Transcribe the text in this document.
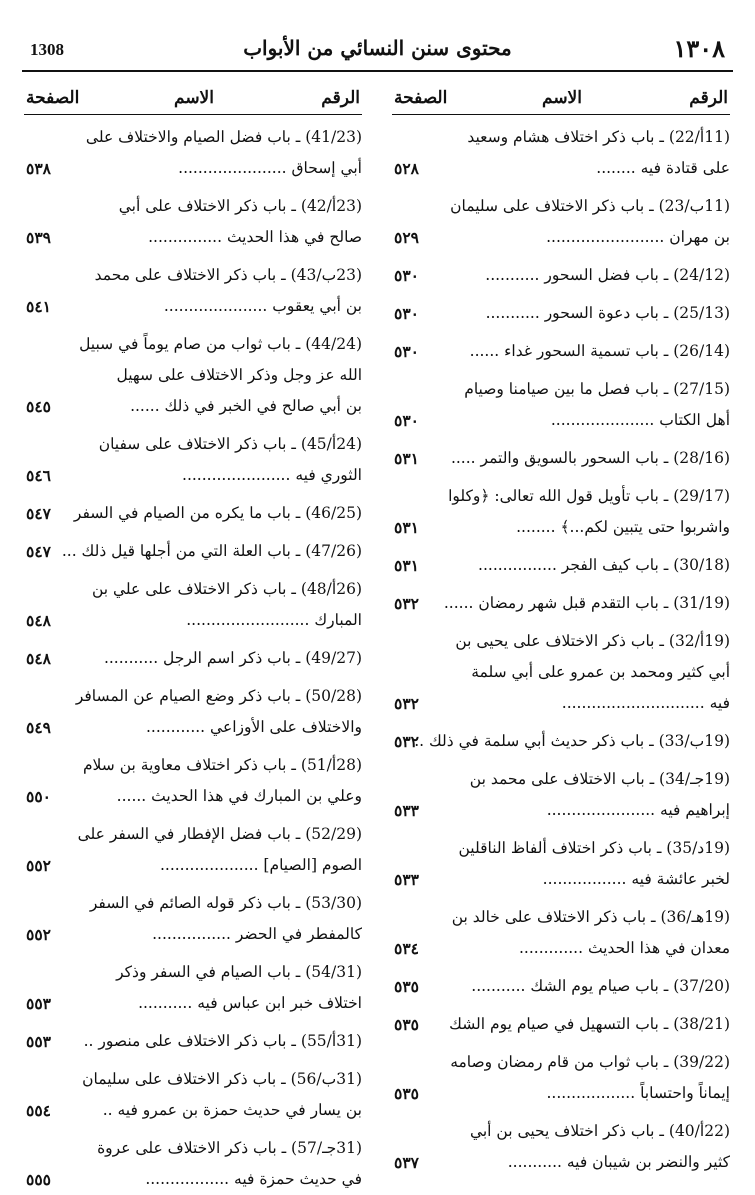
١٣٠٨
محتوى سنن النسائي من الأبواب
1308
الرقم
الاسم
الصفحة
(11أ/22) ـ باب ذكر اختلاف هشام وسعيد
على قتادة فيه ........
٥٢٨
(11ب/23) ـ باب ذكر الاختلاف على سليمان
بن مهران ........................
٥٢٩
(24/12) ـ باب فضل السحور ...........
٥٣٠
(25/13) ـ باب دعوة السحور ...........
٥٣٠
(26/14) ـ باب تسمية السحور غداء ......
٥٣٠
(27/15) ـ باب فصل ما بين صيامنا وصيام
أهل الكتاب .....................
٥٣٠
(28/16) ـ باب السحور بالسويق والتمر .....
٥٣١
(29/17) ـ باب تأويل قول الله تعالى: ﴿وكلوا
واشربوا حتى يتبين لكم...﴾ ........
٥٣١
(30/18) ـ باب كيف الفجر ................
٥٣١
(31/19) ـ باب التقدم قبل شهر رمضان ......
٥٣٢
(19أ/32) ـ باب ذكر الاختلاف على يحيى بن
أبي كثير ومحمد بن عمرو على أبي سلمة
فيه .............................
٥٣٢
(19ب/33) ـ باب ذكر حديث أبي سلمة في ذلك ..
٥٣٢
(19جـ/34) ـ باب الاختلاف على محمد بن
إبراهيم فيه ......................
٥٣٣
(19د/35) ـ باب ذكر اختلاف ألفاظ الناقلين
لخبر عائشة فيه .................
٥٣٣
(19هـ/36) ـ باب ذكر الاختلاف على خالد بن
معدان في هذا الحديث .............
٥٣٤
(37/20) ـ باب صيام يوم الشك ...........
٥٣٥
(38/21) ـ باب التسهيل في صيام يوم الشك
٥٣٥
(39/22) ـ باب ثواب من قام رمضان وصامه
إيماناً واحتساباً ..................
٥٣٥
(22أ/40) ـ باب ذكر اختلاف يحيى بن أبي
كثير والنضر بن شيبان فيه ...........
٥٣٧
الرقم
الاسم
الصفحة
(41/23) ـ باب فضل الصيام والاختلاف على
أبي إسحاق ......................
٥٣٨
(23أ/42) ـ باب ذكر الاختلاف على أبي
صالح في هذا الحديث ...............
٥٣٩
(23ب/43) ـ باب ذكر الاختلاف على محمد
بن أبي يعقوب .....................
٥٤١
(44/24) ـ باب ثواب من صام يوماً في سبيل
الله عز وجل وذكر الاختلاف على سهيل
بن أبي صالح في الخبر في ذلك ......
٥٤٥
(24أ/45) ـ باب ذكر الاختلاف على سفيان
الثوري فيه ......................
٥٤٦
(46/25) ـ باب ما يكره من الصيام في السفر
٥٤٧
(47/26) ـ باب العلة التي من أجلها قيل ذلك ...
٥٤٧
(26أ/48) ـ باب ذكر الاختلاف على علي بن
المبارك .........................
٥٤٨
(49/27) ـ باب ذكر اسم الرجل ...........
٥٤٨
(50/28) ـ باب ذكر وضع الصيام عن المسافر
والاختلاف على الأوزاعي ............
٥٤٩
(28أ/51) ـ باب ذكر اختلاف معاوية بن سلام
وعلي بن المبارك في هذا الحديث ......
٥٥٠
(52/29) ـ باب فضل الإفطار في السفر على
الصوم [الصيام] ....................
٥٥٢
(53/30) ـ باب ذكر قوله الصائم في السفر
كالمفطر في الحضر ................
٥٥٢
(54/31) ـ باب الصيام في السفر وذكر
اختلاف خبر ابن عباس فيه ...........
٥٥٣
(31أ/55) ـ باب ذكر الاختلاف على منصور ..
٥٥٣
(31ب/56) ـ باب ذكر الاختلاف على سليمان
بن يسار في حديث حمزة بن عمرو فيه ..
٥٥٤
(31جـ/57) ـ باب ذكر الاختلاف على عروة
في حديث حمزة فيه .................
٥٥٥
